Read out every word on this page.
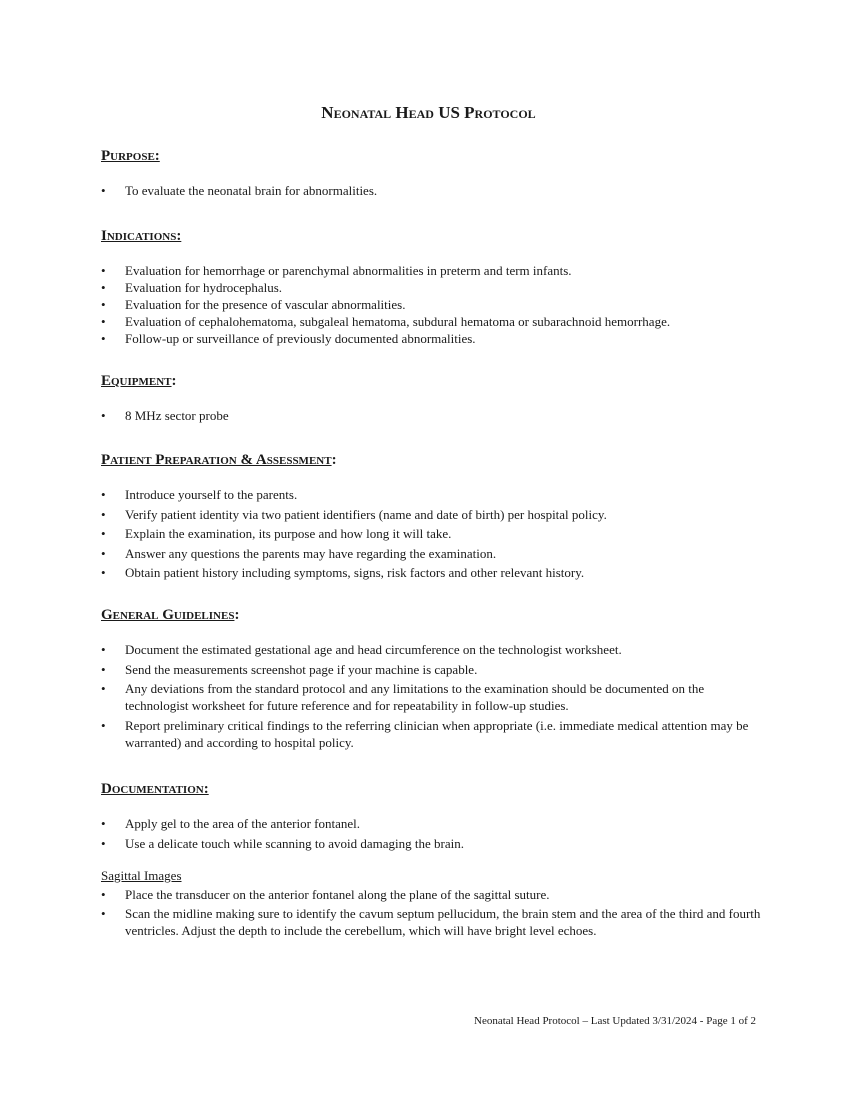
Neonatal Head US Protocol
Purpose:
• To evaluate the neonatal brain for abnormalities.
Indications:
• Evaluation for hemorrhage or parenchymal abnormalities in preterm and term infants.
• Evaluation for hydrocephalus.
• Evaluation for the presence of vascular abnormalities.
• Evaluation of cephalohematoma, subgaleal hematoma, subdural hematoma or subarachnoid hemorrhage.
• Follow-up or surveillance of previously documented abnormalities.
Equipment:
• 8 MHz sector probe
Patient Preparation & Assessment:
• Introduce yourself to the parents.
• Verify patient identity via two patient identifiers (name and date of birth) per hospital policy.
• Explain the examination, its purpose and how long it will take.
• Answer any questions the parents may have regarding the examination.
• Obtain patient history including symptoms, signs, risk factors and other relevant history.
General Guidelines:
• Document the estimated gestational age and head circumference on the technologist worksheet.
• Send the measurements screenshot page if your machine is capable.
• Any deviations from the standard protocol and any limitations to the examination should be documented on the technologist worksheet for future reference and for repeatability in follow-up studies.
• Report preliminary critical findings to the referring clinician when appropriate (i.e. immediate medical attention may be warranted) and according to hospital policy.
Documentation:
• Apply gel to the area of the anterior fontanel.
• Use a delicate touch while scanning to avoid damaging the brain.

Sagittal Images

• Place the transducer on the anterior fontanel along the plane of the sagittal suture.
• Scan the midline making sure to identify the cavum septum pellucidum, the brain stem and the area of the third and fourth ventricles. Adjust the depth to include the cerebellum, which will have bright level echoes.
Neonatal Head Protocol – Last Updated 3/31/2024 - Page 1 of 2
